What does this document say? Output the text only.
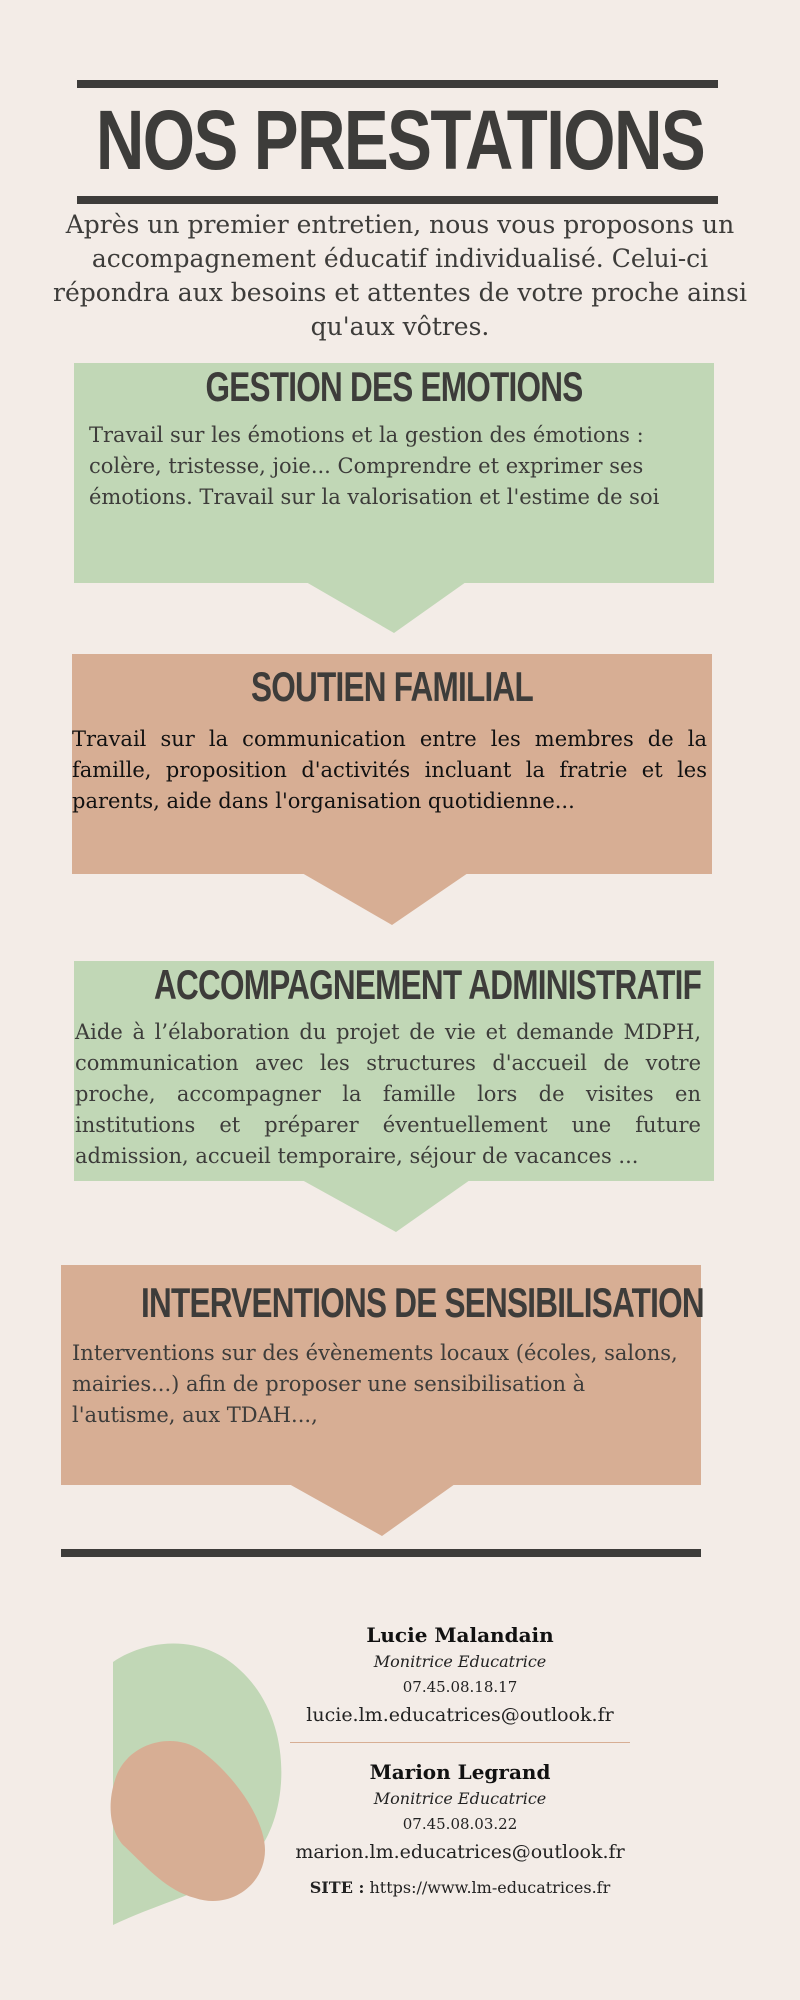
NOS PRESTATIONS
Après un premier entretien, nous vous proposons un accompagnement éducatif individualisé. Celui-ci répondra aux besoins et attentes de votre proche ainsi qu'aux vôtres.
GESTION DES EMOTIONS

Travail sur les émotions et la gestion des émotions : colère, tristesse, joie... Comprendre et exprimer ses émotions. Travail sur la valorisation et l'estime de soi

SOUTIEN FAMILIAL

Travail sur la communication entre les membres de la famille, proposition d'activités incluant la fratrie et les parents, aide dans l'organisation quotidienne...

ACCOMPAGNEMENT ADMINISTRATIF

Aide à l’élaboration du projet de vie et demande MDPH, communication avec les structures d'accueil de votre proche, accompagner la famille lors de visites en institutions et préparer éventuellement une future admission, accueil temporaire, séjour de vacances ...

INTERVENTIONS DE SENSIBILISATION

Interventions sur des évènements locaux (écoles, salons, mairies...) afin de proposer une sensibilisation à l'autisme, aux TDAH...,

Lucie Malandain
Monitrice Educatrice
07.45.08.18.17
lucie.lm.educatrices@outlook.fr
Marion Legrand
Monitrice Educatrice
07.45.08.03.22
marion.lm.educatrices@outlook.fr
SITE : https://www.lm-educatrices.fr
